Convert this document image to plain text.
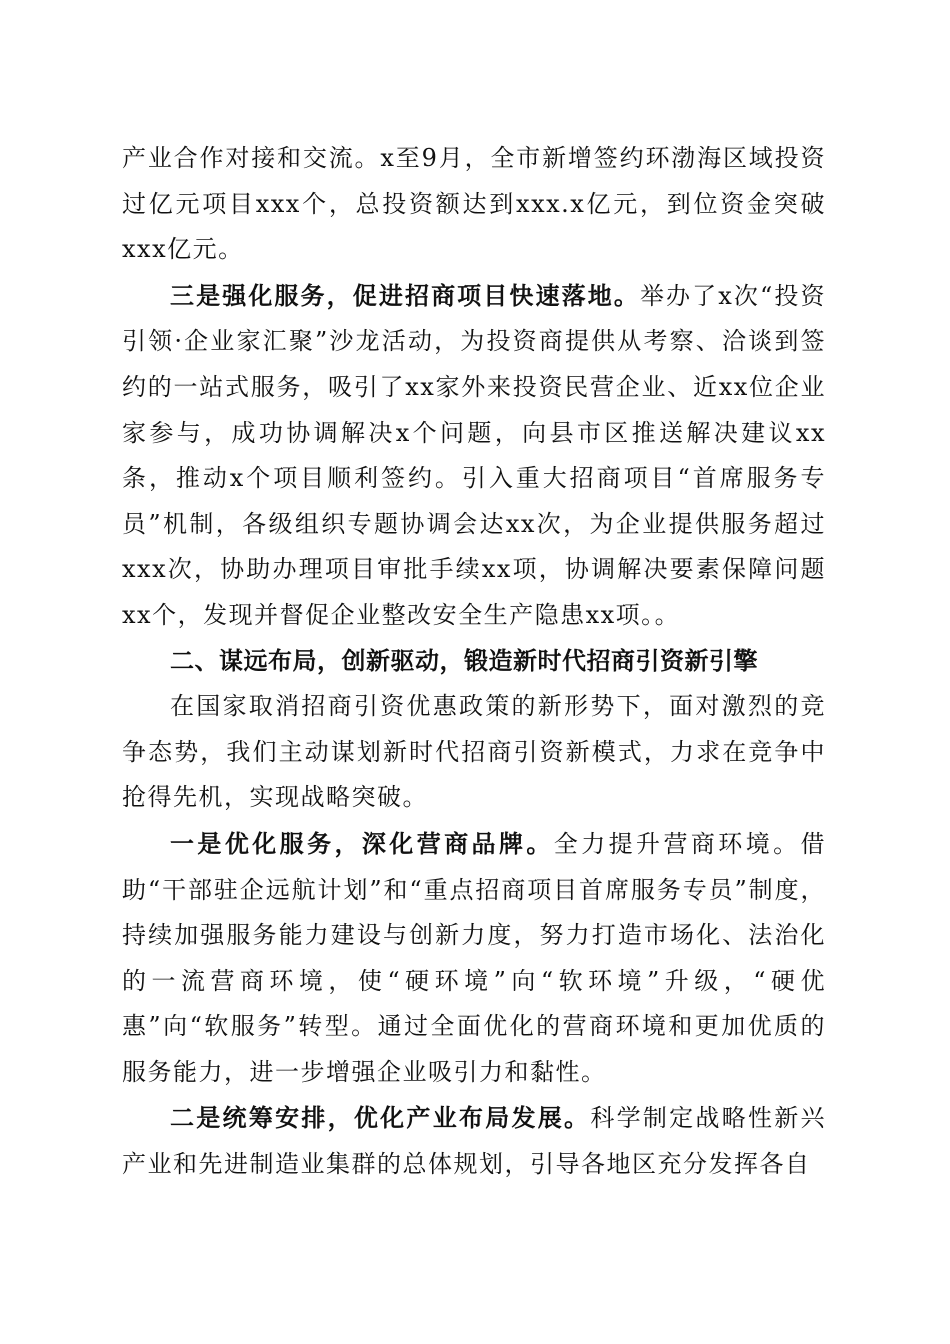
产业合作对接和交流。x至9月，全市新增签约环渤海区域投资过亿元项目xxx个，总投资额达到xxx.x亿元，到位资金突破xxx亿元。

三是强化服务，促进招商项目快速落地。举办了x次“投资引领·企业家汇聚”沙龙活动，为投资商提供从考察、洽谈到签约的一站式服务，吸引了xx家外来投资民营企业、近xx位企业家参与，成功协调解决x个问题，向县市区推送解决建议xx条，推动x个项目顺利签约。引入重大招商项目“首席服务专员”机制，各级组织专题协调会达xx次，为企业提供服务超过xxx次，协助办理项目审批手续xx项，协调解决要素保障问题xx个，发现并督促企业整改安全生产隐患xx项。。

二、谋远布局，创新驱动，锻造新时代招商引资新引擎

在国家取消招商引资优惠政策的新形势下，面对激烈的竞争态势，我们主动谋划新时代招商引资新模式，力求在竞争中抢得先机，实现战略突破。

一是优化服务，深化营商品牌。全力提升营商环境。借助“干部驻企远航计划”和“重点招商项目首席服务专员”制度，持续加强服务能力建设与创新力度，努力打造市场化、法治化的一流营商环境，使“硬环境”向“软环境”升级，“硬优惠”向“软服务”转型。通过全面优化的营商环境和更加优质的服务能力，进一步增强企业吸引力和黏性。

二是统筹安排，优化产业布局发展。科学制定战略性新兴产业和先进制造业集群的总体规划，引导各地区充分发挥各自
